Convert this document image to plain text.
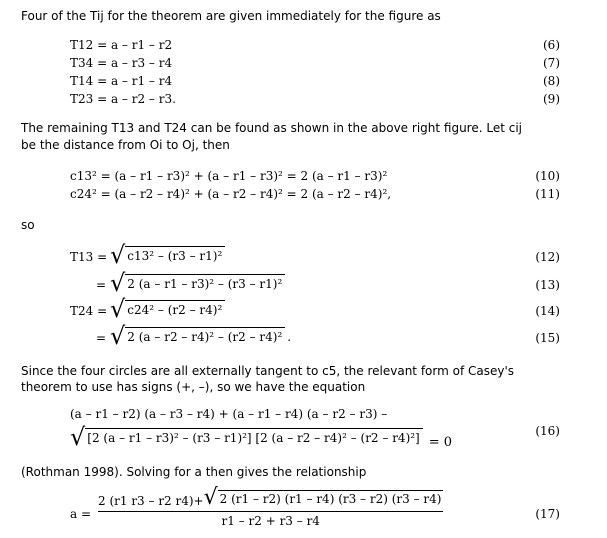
Four of the Tij for the theorem are given immediately for the figure as
T12 = a – r1 – r2	(6)
T34 = a – r3 – r4	(7)
T14 = a – r1 – r4	(8)
T23 = a – r2 – r3.	(9)
The remaining T13 and T24 can be found as shown in the above right figure. Let cij
be the distance from Oi to Oj, then
c13² = (a – r1 – r3)² + (a – r1 – r3)² = 2 (a – r1 – r3)²	(10)
c24² = (a – r2 – r4)² + (a – r2 – r4)² = 2 (a – r2 – r4)²,	(11)
so
T13 = √ c13² – (r3 – r1)²	(12)
= √ 2 (a – r1 – r3)² – (r3 – r1)²	(13)
T24 = √ c24² – (r2 – r4)²	(14)
= √ 2 (a – r2 – r4)² – (r2 – r4)² .	(15)
Since the four circles are all externally tangent to c5, the relevant form of Casey's
theorem to use has signs (+, –), so we have the equation
(a – r1 – r2) (a – r3 – r4) + (a – r1 – r4) (a – r2 – r3) –
√ [2 (a – r1 – r3)² – (r3 – r1)²] [2 (a – r2 – r4)² – (r2 – r4)²] = 0
(16)
(Rothman 1998). Solving for a then gives the relationship
a =
2 (r1 r3 – r2 r4)+ √ 2 (r1 – r2) (r1 – r4) (r3 – r2) (r3 – r4)
r1 – r2 + r3 – r4	(17)
